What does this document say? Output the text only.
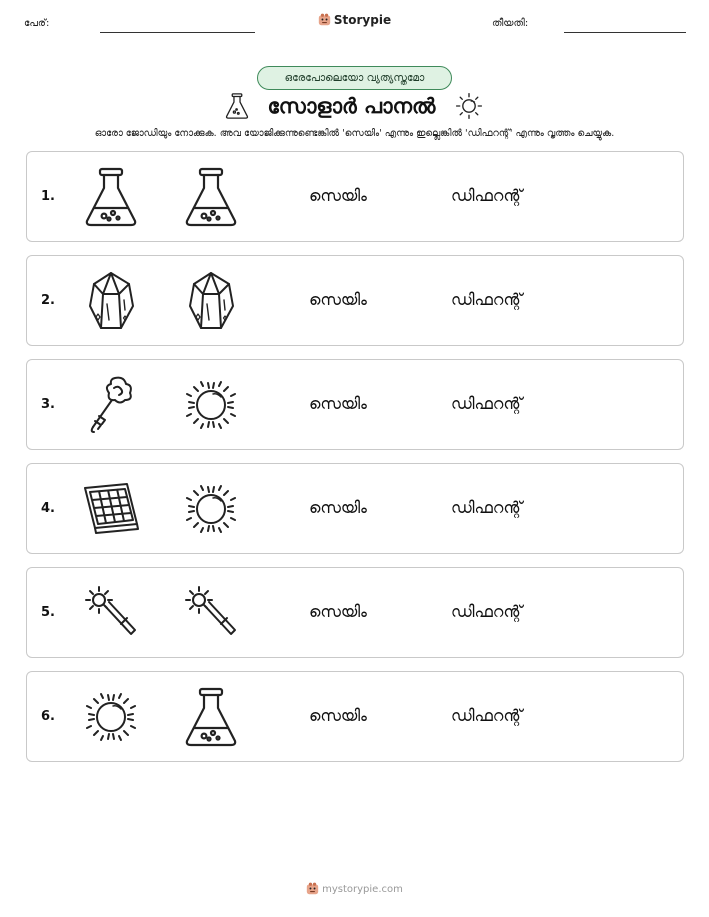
പേര്:	Storypie	തീയതി:
ഒരേപോലെയോ വ്യത്യസ്തമോ
സോളാർ പാനൽ
ഓരോ ജോഡിയും നോക്കുക. അവ യോജിക്കുന്നുണ്ടെങ്കിൽ 'സെയിം' എന്നും ഇല്ലെങ്കിൽ 'ഡിഫറന്റ്' എന്നും വൃത്തം ചെയ്യുക.
1.	സെയിം	ഡിഫറന്റ്
2.	സെയിം	ഡിഫറന്റ്
3.	സെയിം	ഡിഫറന്റ്
4.	സെയിം	ഡിഫറന്റ്
5.	സെയിം	ഡിഫറന്റ്
6.	സെയിം	ഡിഫറന്റ്
mystorypie.com
